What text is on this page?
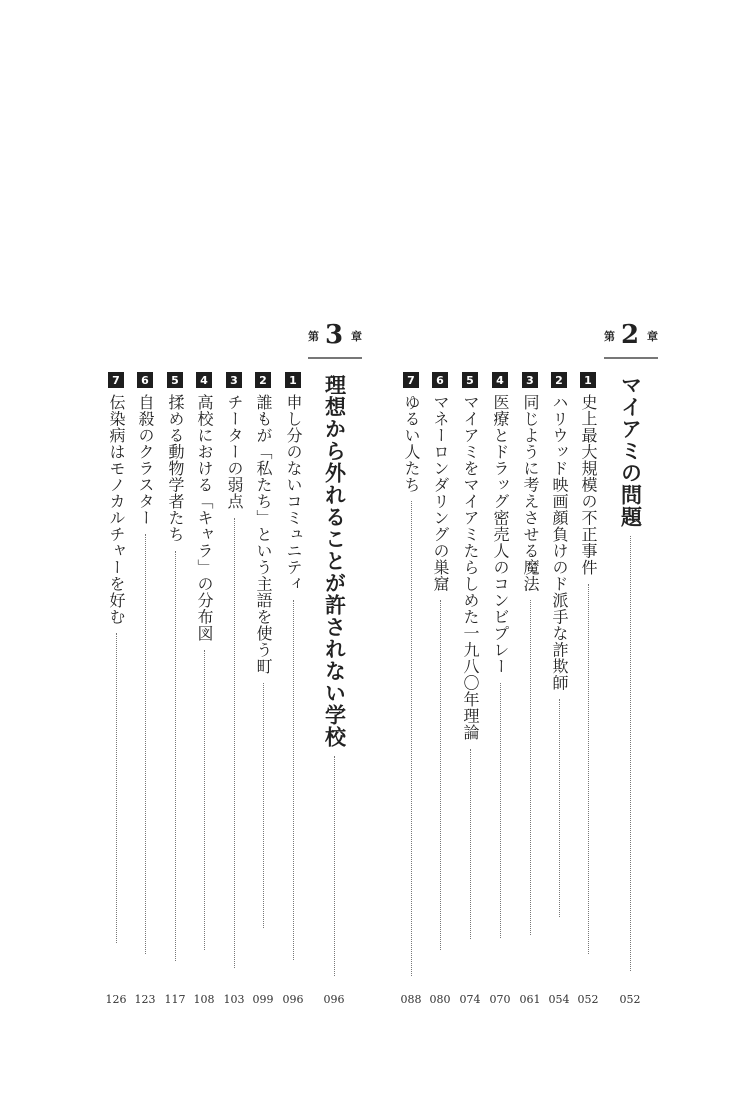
第 2 章
マイアミの問題
052
1
史上最大規模の不正事件
052
2
ハリウッド映画顔負けのド派手な詐欺師
054
3
同じように考えさせる魔法
061
4
医療とドラッグ密売人のコンビプレー
070
5
マイアミをマイアミたらしめた一九八〇年理論
074
6
マネーロンダリングの巣窟
080
7
ゆるい人たち
088
第 3 章
理想から外れることが許されない学校
096
1
申し分のないコミュニティ
096
2
誰もが「私たち」という主語を使う町
099
3
チーターの弱点
103
4
高校における「キャラ」の分布図
108
5
揉める動物学者たち
117
6
自殺のクラスター
123
7
伝染病はモノカルチャーを好む
126
